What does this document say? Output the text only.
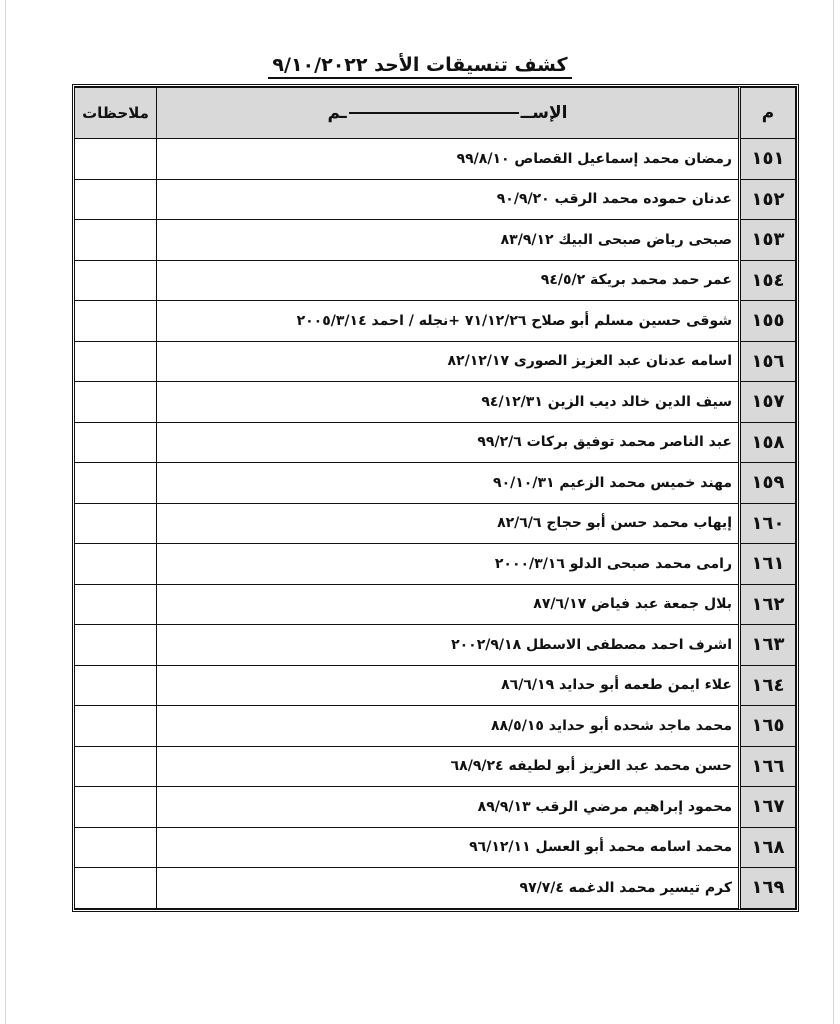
كشف تنسيقات الأحد ٩/١٠/٢٠٢٢
م	الإســـم	ملاحظات
١٥١	رمضان محمد إسماعيل القصاص ٩٩/٨/١٠	
١٥٢	عدنان حموده محمد الرقب ٩٠/٩/٢٠	
١٥٣	صبحى رياض صبحى البيك ٨٣/٩/١٢	
١٥٤	عمر حمد محمد بريكة ٩٤/٥/٢	
١٥٥	شوقى حسين مسلم أبو صلاح ٧١/١٢/٢٦ +نجله / احمد ٢٠٠٥/٣/١٤	
١٥٦	اسامه عدنان عبد العزيز الصورى ٨٢/١٢/١٧	
١٥٧	سيف الدين خالد ديب الزين ٩٤/١٢/٣١	
١٥٨	عبد الناصر محمد توفيق بركات ٩٩/٢/٦	
١٥٩	مهند خميس محمد الزعيم ٩٠/١٠/٣١	
١٦٠	إيهاب محمد حسن أبو حجاج ٨٢/٦/٦	
١٦١	رامى محمد صبحى الدلو ٢٠٠٠/٣/١٦	
١٦٢	بلال جمعة عبد فياض ٨٧/٦/١٧	
١٦٣	اشرف احمد مصطفى الاسطل ٢٠٠٢/٩/١٨	
١٦٤	علاء ايمن طعمه أبو حدايد ٨٦/٦/١٩	
١٦٥	محمد ماجد شحده أبو حدايد ٨٨/٥/١٥	
١٦٦	حسن محمد عبد العزيز أبو لطيفه ٦٨/٩/٢٤	
١٦٧	محمود إبراهيم مرضي الرقب ٨٩/٩/١٣	
١٦٨	محمد اسامه محمد أبو العسل ٩٦/١٢/١١	
١٦٩	كرم تيسير محمد الدغمه ٩٧/٧/٤	
